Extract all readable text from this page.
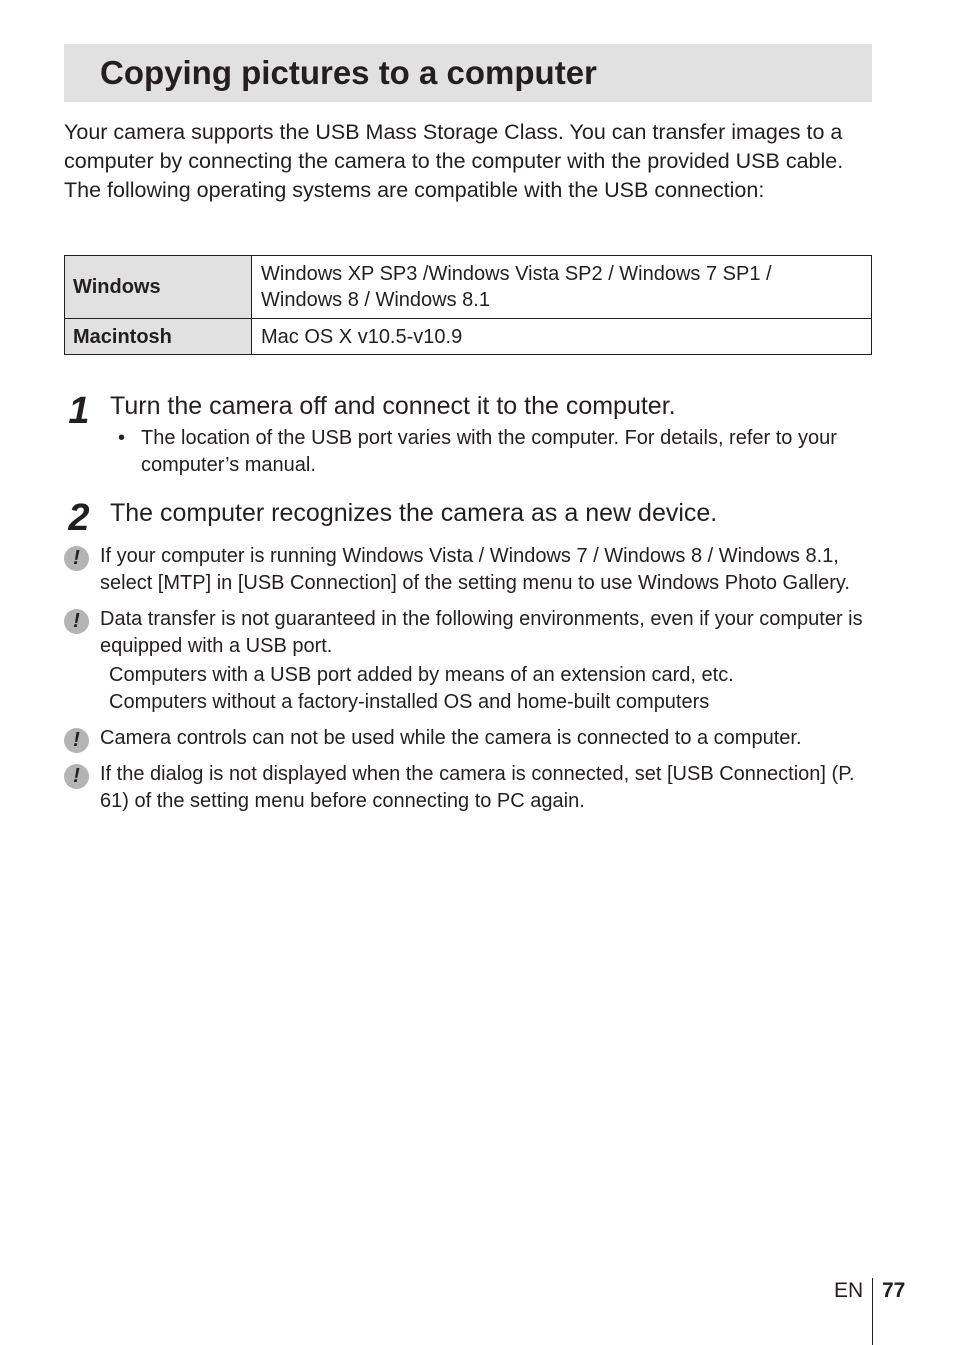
Copying pictures to a computer

Your camera supports the USB Mass Storage Class. You can transfer images to a computer by connecting the camera to the computer with the provided USB cable. The following operating systems are compatible with the USB connection:

Windows	Windows XP SP3 /Windows Vista SP2 / Windows 7 SP1 /
Windows 8 / Windows 8.1
Macintosh	Mac OS X v10.5-v10.9
1 Turn the camera off and connect it to the computer.
• The location of the USB port varies with the computer. For details, refer to your computer’s manual.
2 The computer recognizes the camera as a new device.
!	If your computer is running Windows Vista / Windows 7 / Windows 8 / Windows 8.1, select [MTP] in [USB Connection] of the setting menu to use Windows Photo Gallery.
!	Data transfer is not guaranteed in the following environments, even if your computer is equipped with a USB port.
Computers with a USB port added by means of an extension card, etc.
Computers without a factory-installed OS and home-built computers
!	Camera controls can not be used while the camera is connected to a computer.
!	If the dialog is not displayed when the camera is connected, set [USB Connection] (P. 61) of the setting menu before connecting to PC again.
EN 77
